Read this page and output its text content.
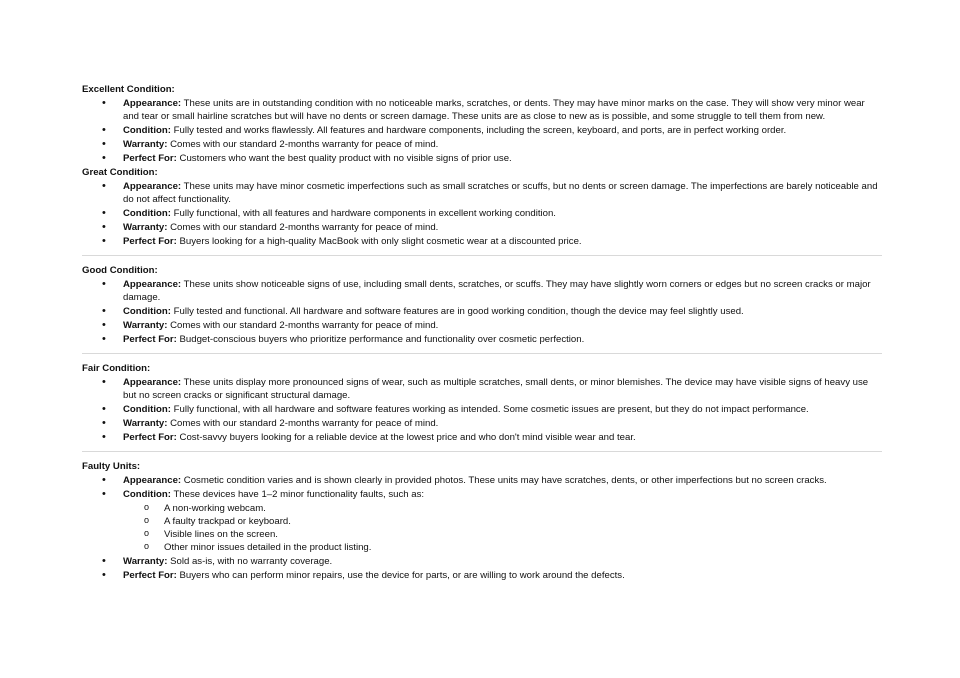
Excellent Condition:
• Appearance: These units are in outstanding condition with no noticeable marks, scratches, or dents. They may have minor marks on the case. They will show very minor wear and tear or small hairline scratches but will have no dents or screen damage. These units are as close to new as is possible, and some struggle to tell them from new.
• Condition: Fully tested and works flawlessly. All features and hardware components, including the screen, keyboard, and ports, are in perfect working order.
• Warranty: Comes with our standard 2-months warranty for peace of mind.
• Perfect For: Customers who want the best quality product with no visible signs of prior use.
Great Condition:
• Appearance: These units may have minor cosmetic imperfections such as small scratches or scuffs, but no dents or screen damage. The imperfections are barely noticeable and do not affect functionality.
• Condition: Fully functional, with all features and hardware components in excellent working condition.
• Warranty: Comes with our standard 2-months warranty for peace of mind.
• Perfect For: Buyers looking for a high-quality MacBook with only slight cosmetic wear at a discounted price.
Good Condition:
• Appearance: These units show noticeable signs of use, including small dents, scratches, or scuffs. They may have slightly worn corners or edges but no screen cracks or major damage.
• Condition: Fully tested and functional. All hardware and software features are in good working condition, though the device may feel slightly used.
• Warranty: Comes with our standard 2-months warranty for peace of mind.
• Perfect For: Budget-conscious buyers who prioritize performance and functionality over cosmetic perfection.
Fair Condition:
• Appearance: These units display more pronounced signs of wear, such as multiple scratches, small dents, or minor blemishes. The device may have visible signs of heavy use but no screen cracks or significant structural damage.
• Condition: Fully functional, with all hardware and software features working as intended. Some cosmetic issues are present, but they do not impact performance.
• Warranty: Comes with our standard 2-months warranty for peace of mind.
• Perfect For: Cost-savvy buyers looking for a reliable device at the lowest price and who don't mind visible wear and tear.
Faulty Units:
• Appearance: Cosmetic condition varies and is shown clearly in provided photos. These units may have scratches, dents, or other imperfections but no screen cracks.
• Condition: These devices have 1–2 minor functionality faults, such as:
o A non-working webcam.
o A faulty trackpad or keyboard.
o Visible lines on the screen.
o Other minor issues detailed in the product listing.
• Warranty: Sold as-is, with no warranty coverage.
• Perfect For: Buyers who can perform minor repairs, use the device for parts, or are willing to work around the defects.
